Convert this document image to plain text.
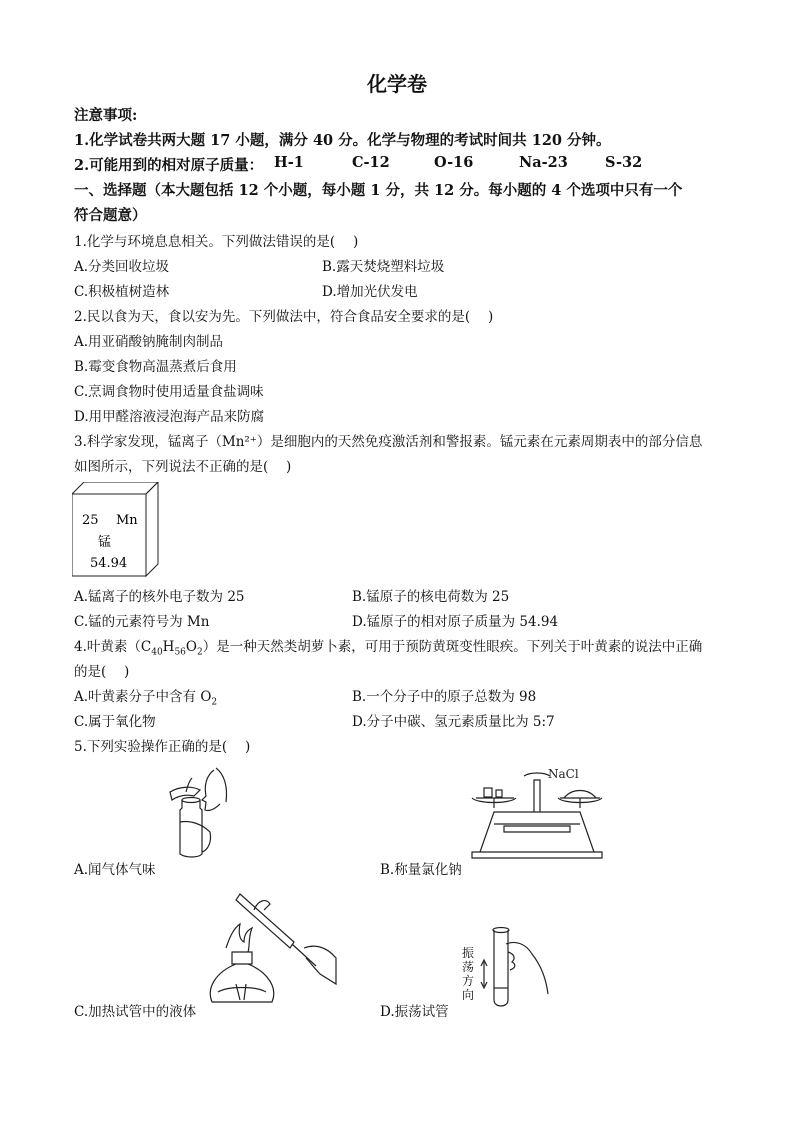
化学卷
注意事项:
1.化学试卷共两大题 17 小题，满分 40 分。化学与物理的考试时间共 120 分钟。
2.可能用到的相对原子质量： H-1	C-12	O-16	Na-23	S-32
一、选择题（本大题包括 12 个小题，每小题 1 分，共 12 分。每小题的 4 个选项中只有一个
符合题意）
1.化学与环境息息相关。下列做法错误的是(　 )
A.分类回收垃圾	B.露天焚烧塑料垃圾
C.积极植树造林	D.增加光伏发电
2.民以食为天，食以安为先。下列做法中，符合食品安全要求的是(　 )
A.用亚硝酸钠腌制肉制品
B.霉变食物高温蒸煮后食用
C.烹调食物时使用适量食盐调味
D.用甲醛溶液浸泡海产品来防腐
3.科学家发现，锰离子（Mn²⁺）是细胞内的天然免疫激活剂和警报素。锰元素在元素周期表中的部分信息
如图所示，下列说法不正确的是(　 )
25 Mn
锰
54.94
A.锰离子的核外电子数为 25	B.锰原子的核电荷数为 25
C.锰的元素符号为 Mn	D.锰原子的相对原子质量为 54.94
4.叶黄素$(C_{40}H_{56}O_2)$是一种天然类胡萝卜素，可用于预防黄斑变性眼疾。下列关于叶黄素的说法中正确
的是(　 )
A.叶黄素分子中含有 $O_2$	B.一个分子中的原子总数为 98
C.属于氧化物	D.分子中碳、氢元素质量比为 5:7
5.下列实验操作正确的是(　 )
A.闻气体气味
NaCl
B.称量氯化钠
C.加热试管中的液体
振
荡
方
向
D.振荡试管
